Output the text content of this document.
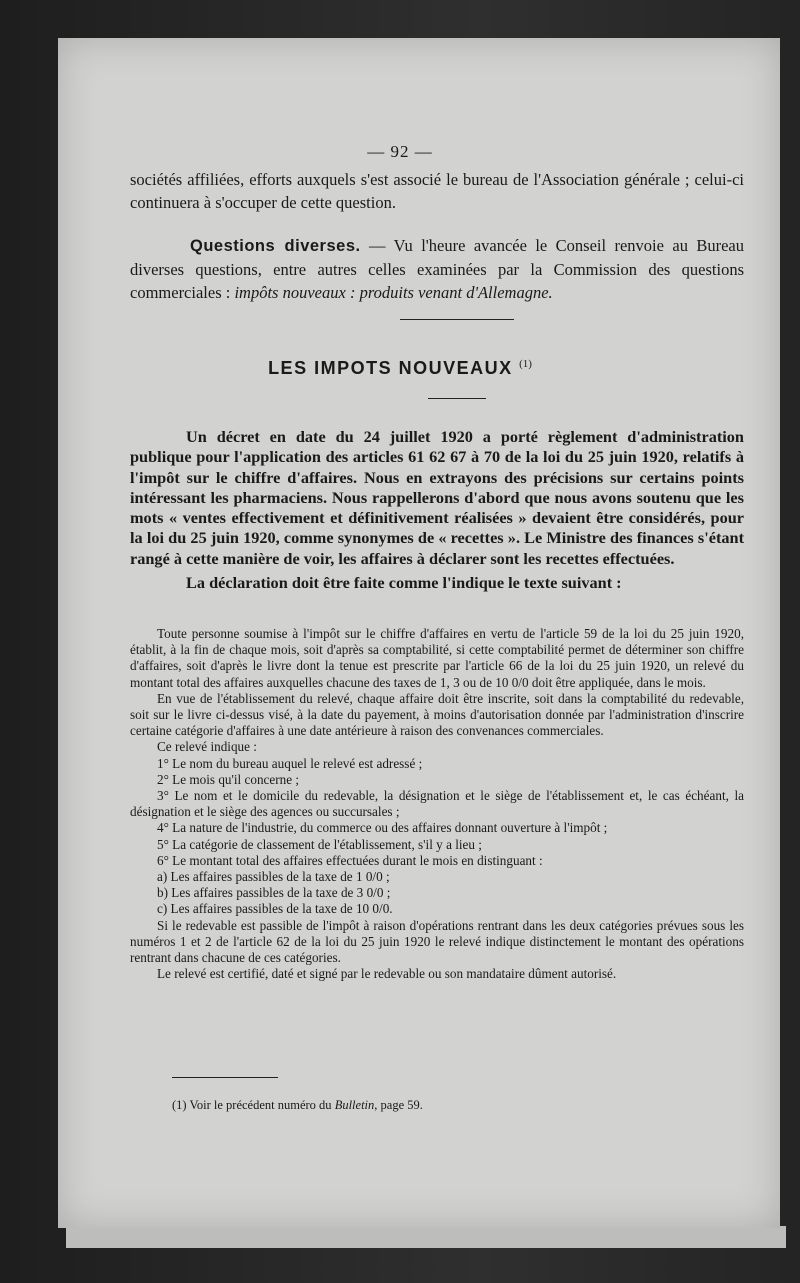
— 92 —

sociétés affiliées, efforts auxquels s'est associé le bureau de l'Association générale ; celui-ci continuera à s'occuper de cette question.

Questions diverses. — Vu l'heure avancée le Conseil renvoie au Bureau diverses questions, entre autres celles examinées par la Commission des questions commerciales : impôts nouveaux : produits venant d'Allemagne.

LES IMPOTS NOUVEAUX $^{(1)}$

Un décret en date du 24 juillet 1920 a porté règlement d'administration publique pour l'application des articles 61 62 67 à 70 de la loi du 25 juin 1920, relatifs à l'impôt sur le chiffre d'affaires. Nous en extrayons des précisions sur certains points intéressant les pharmaciens. Nous rappellerons d'abord que nous avons soutenu que les mots « ventes effectivement et définitivement réalisées » devaient être considérés, pour la loi du 25 juin 1920, comme synonymes de « recettes ». Le Ministre des finances s'étant rangé à cette manière de voir, les affaires à déclarer sont les recettes effectuées.

La déclaration doit être faite comme l'indique le texte suivant :

Toute personne soumise à l'impôt sur le chiffre d'affaires en vertu de l'article 59 de la loi du 25 juin 1920, établit, à la fin de chaque mois, soit d'après sa comptabilité, si cette comptabilité permet de déterminer son chiffre d'affaires, soit d'après le livre dont la tenue est prescrite par l'article 66 de la loi du 25 juin 1920, un relevé du montant total des affaires auxquelles chacune des taxes de 1, 3 ou de 10 0/0 doit être appliquée, dans le mois.

En vue de l'établissement du relevé, chaque affaire doit être inscrite, soit dans la comptabilité du redevable, soit sur le livre ci-dessus visé, à la date du payement, à moins d'autorisation donnée par l'administration d'inscrire certaine catégorie d'affaires à une date antérieure à raison des convenances commerciales.

Ce relevé indique :

1° Le nom du bureau auquel le relevé est adressé ;

2° Le mois qu'il concerne ;

3° Le nom et le domicile du redevable, la désignation et le siège de l'établissement et, le cas échéant, la désignation et le siège des agences ou succursales ;

4° La nature de l'industrie, du commerce ou des affaires donnant ouverture à l'impôt ;

5° La catégorie de classement de l'établissement, s'il y a lieu ;

6° Le montant total des affaires effectuées durant le mois en distinguant :

a) Les affaires passibles de la taxe de 1 0/0 ;

b) Les affaires passibles de la taxe de 3 0/0 ;

c) Les affaires passibles de la taxe de 10 0/0.

Si le redevable est passible de l'impôt à raison d'opérations rentrant dans les deux catégories prévues sous les numéros 1 et 2 de l'article 62 de la loi du 25 juin 1920 le relevé indique distinctement le montant des opérations rentrant dans chacune de ces catégories.

Le relevé est certifié, daté et signé par le redevable ou son mandataire dûment autorisé.

(1) Voir le précédent numéro du Bulletin, page 59.
